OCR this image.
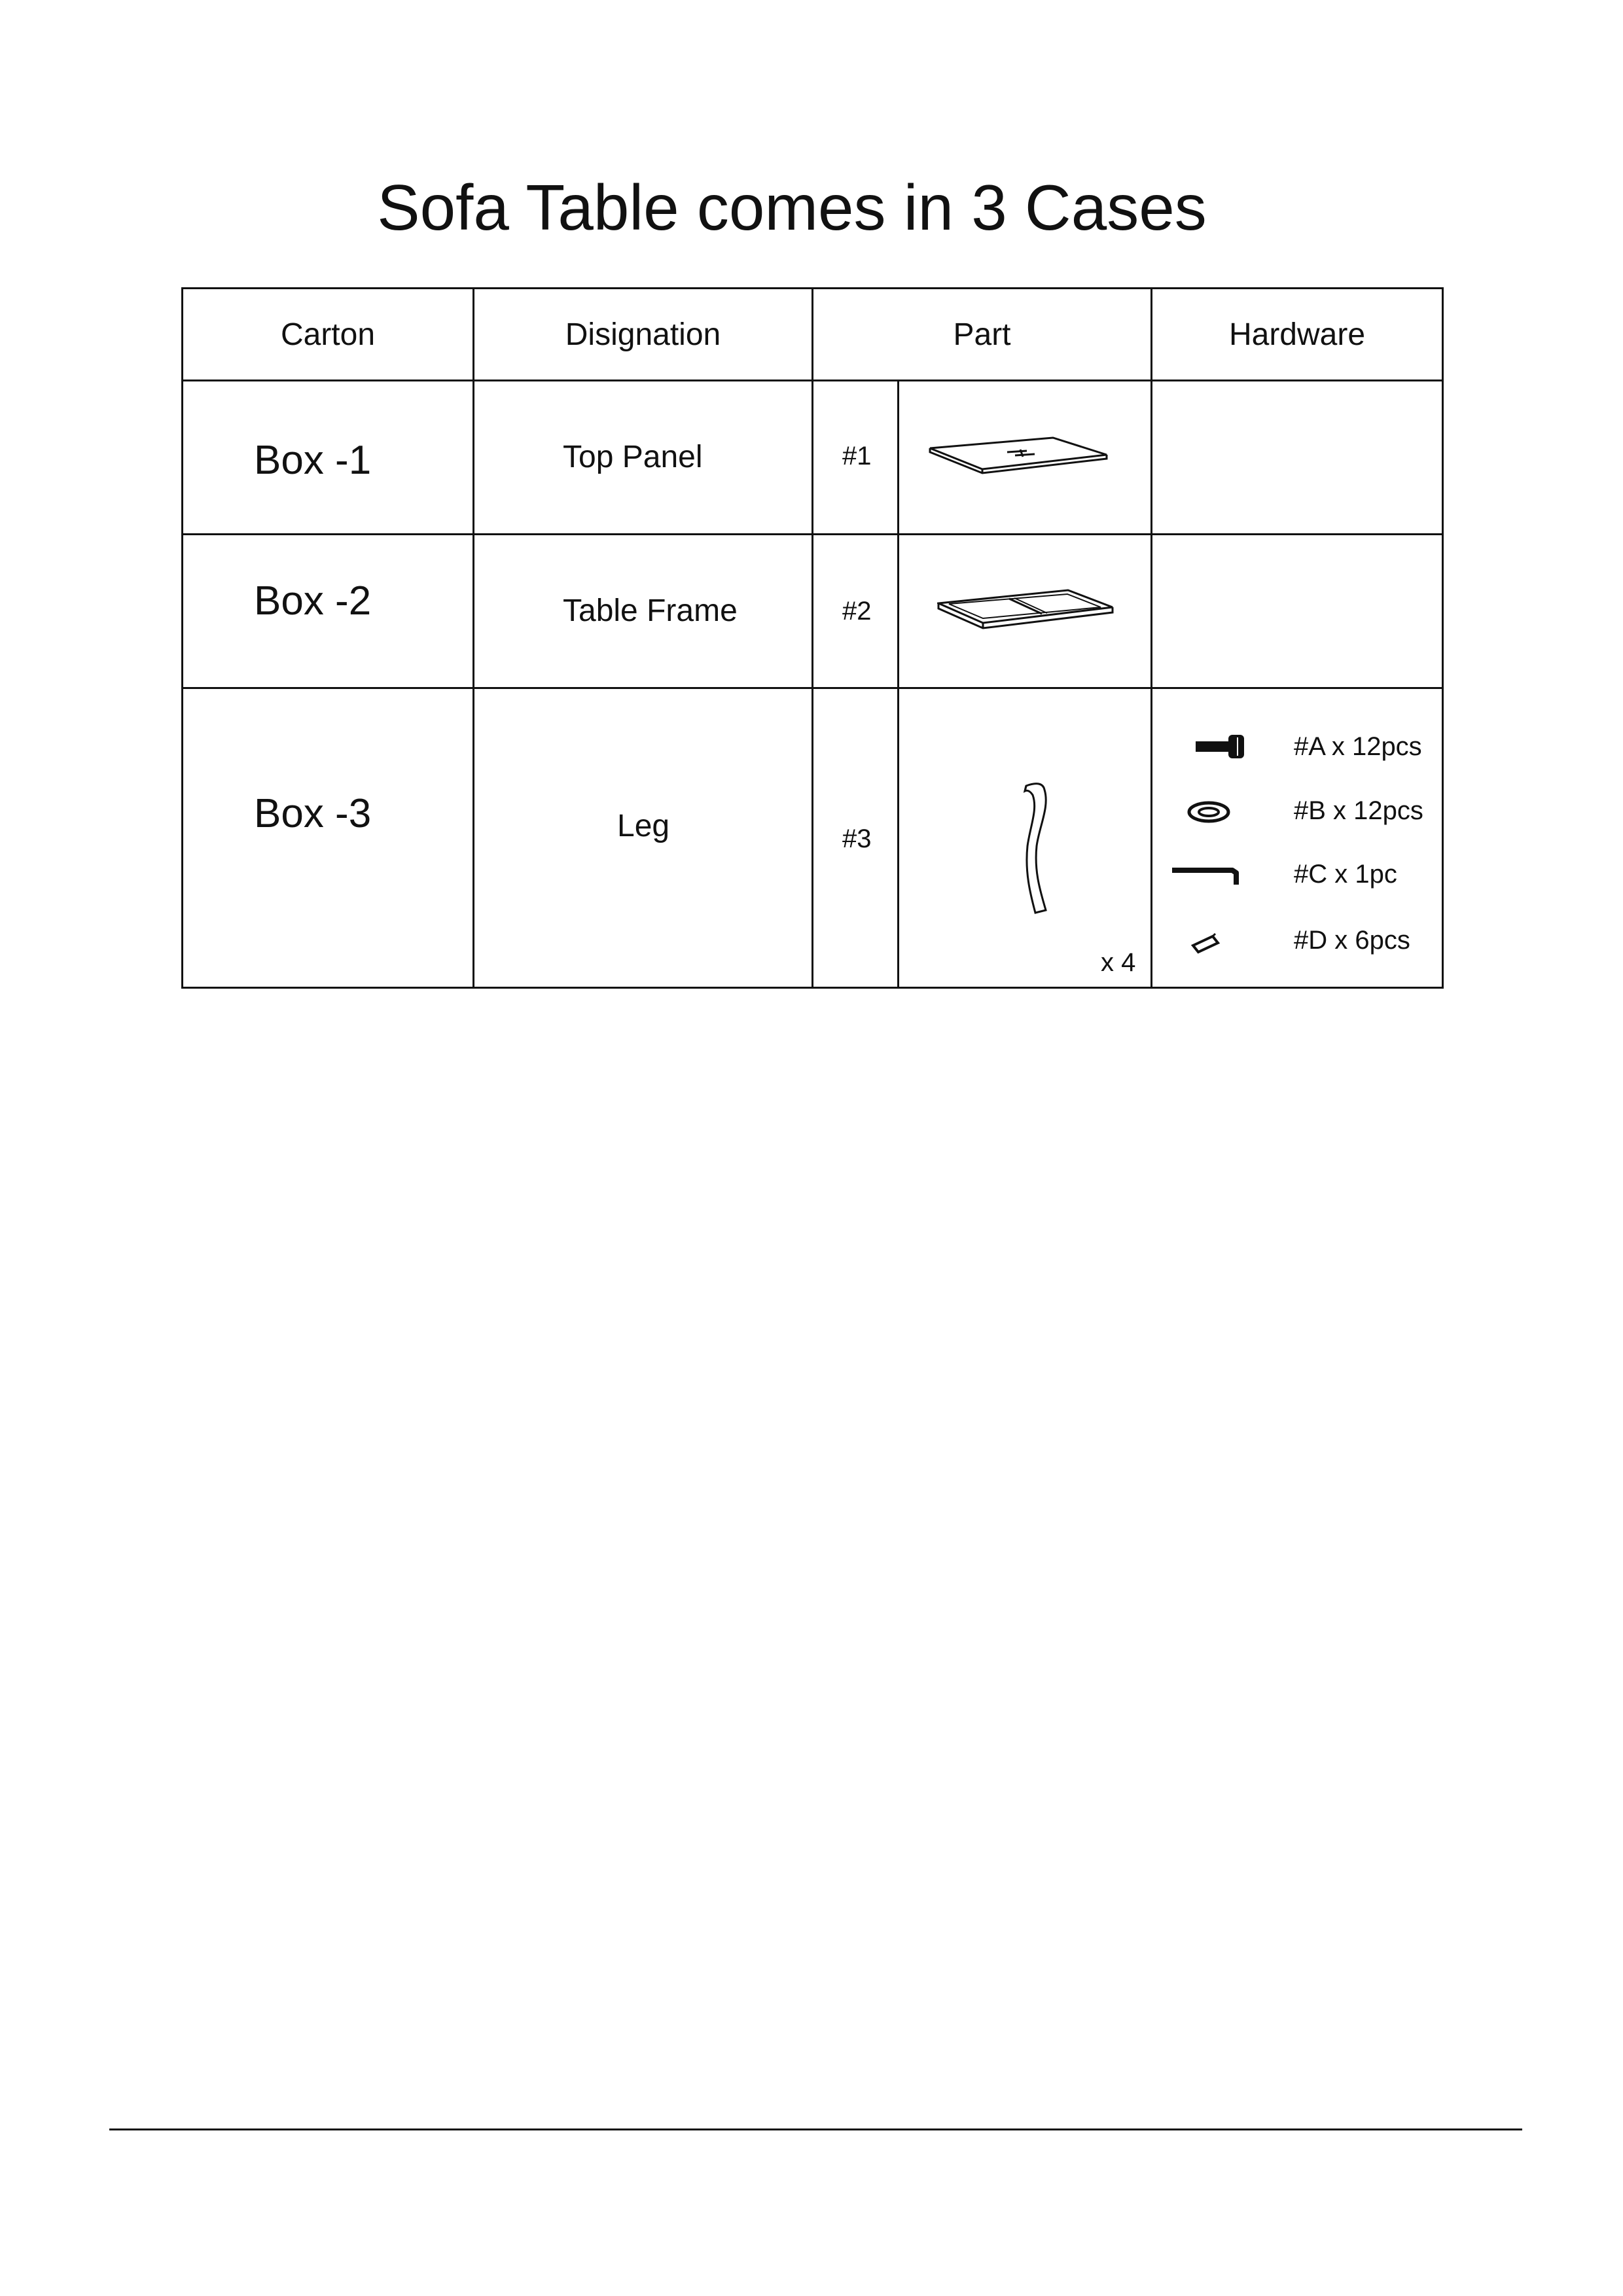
Sofa Table comes in 3 Cases
Carton	Disignation	Part		Hardware

Box -1	Top Panel	#1

Box -2	Table Frame	#2

Box -3	Leg	#3	x 4	#A x 12pcs
#B x 12pcs
#C x 1pc
#D x 6pcs
